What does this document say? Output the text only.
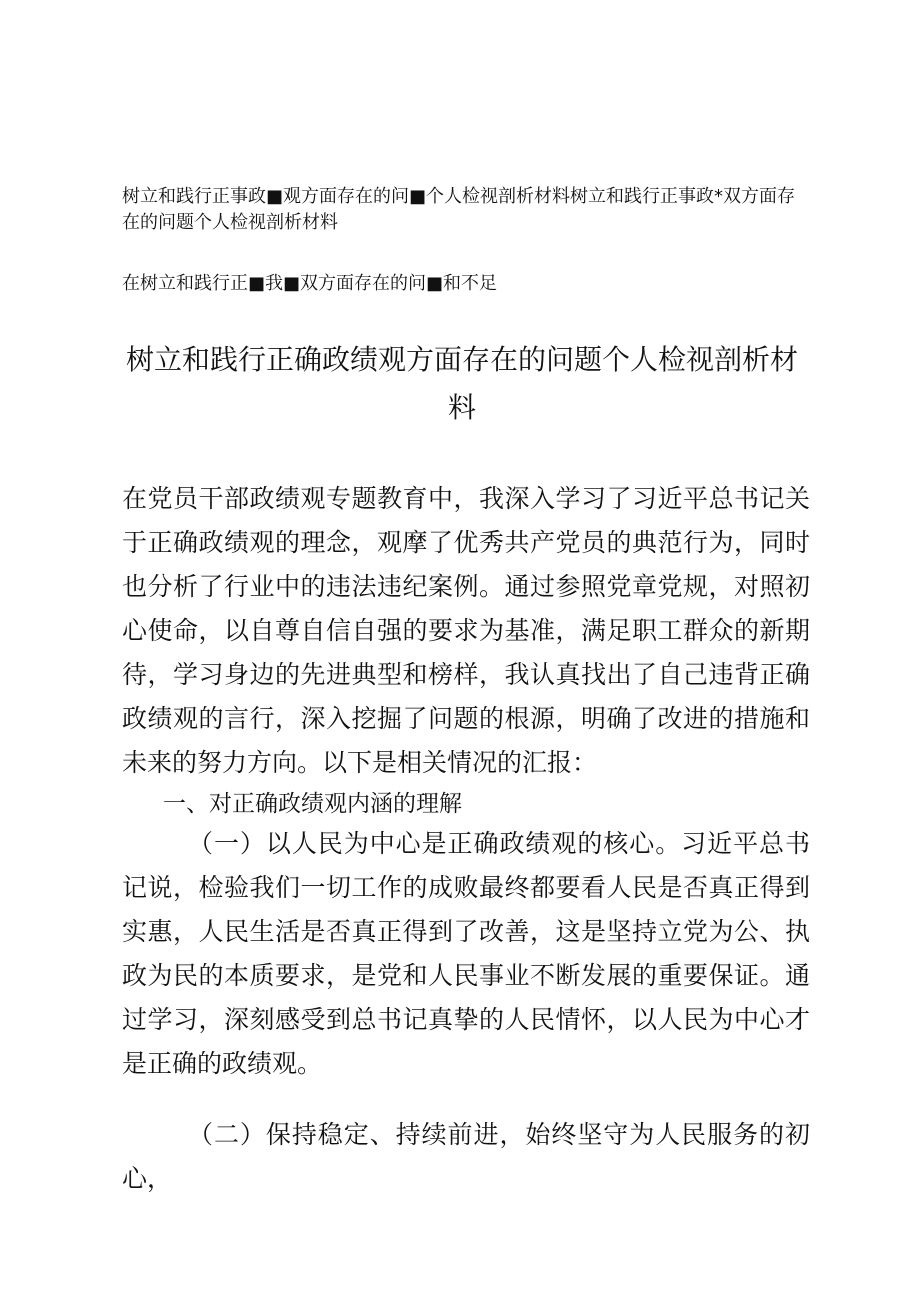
树立和践行正事政■观方面存在的问■个人检视剖析材料树立和践行正事政*双方面存在的问题个人检视剖析材料
在树立和践行正■我■双方面存在的问■和不足
树立和践行正确政绩观方面存在的问题个人检视剖析材料
在党员干部政绩观专题教育中，我深入学习了习近平总书记关于正确政绩观的理念，观摩了优秀共产党员的典范行为，同时也分析了行业中的违法违纪案例。通过参照党章党规，对照初心使命，以自尊自信自强的要求为基准，满足职工群众的新期待，学习身边的先进典型和榜样，我认真找出了自己违背正确政绩观的言行，深入挖掘了问题的根源，明确了改进的措施和未来的努力方向。以下是相关情况的汇报：
一、对正确政绩观内涵的理解
（一）以人民为中心是正确政绩观的核心。习近平总书记说，检验我们一切工作的成败最终都要看人民是否真正得到实惠，人民生活是否真正得到了改善，这是坚持立党为公、执政为民的本质要求，是党和人民事业不断发展的重要保证。通过学习，深刻感受到总书记真挚的人民情怀，以人民为中心才是正确的政绩观。
（二）保持稳定、持续前进，始终坚守为人民服务的初心，
